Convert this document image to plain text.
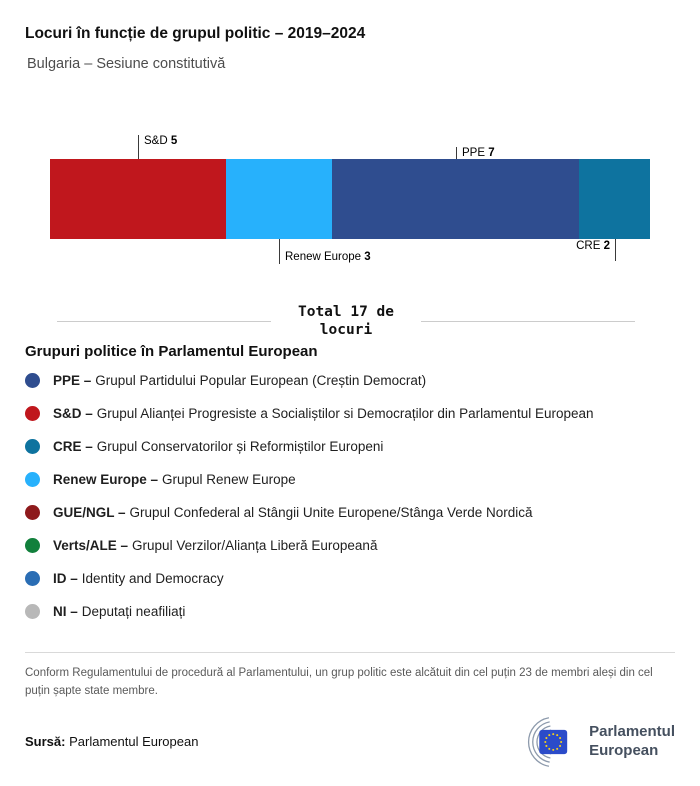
Locuri în funcție de grupul politic – 2019–2024
Bulgaria – Sesiune constitutivă
S&D 5
PPE 7
Renew Europe 3
CRE 2
Total 17 de locuri
Grupuri politice în Parlamentul European
PPE – Grupul Partidului Popular European (Creștin Democrat)
S&D – Grupul Alianței Progresiste a Socialiștilor si Democraților din Parlamentul European
CRE – Grupul Conservatorilor și Reformiștilor Europeni
Renew Europe – Grupul Renew Europe
GUE/NGL – Grupul Confederal al Stângii Unite Europene/Stânga Verde Nordică
Verts/ALE – Grupul Verzilor/Alianța Liberă Europeană
ID – Identity and Democracy
NI – Deputați neafiliați

Conform Regulamentului de procedură al Parlamentului, un grup politic este alcătuit din cel puțin 23 de membri aleși din cel puțin șapte state membre.

Sursă: Parlamentul European
Parlamentul
European
